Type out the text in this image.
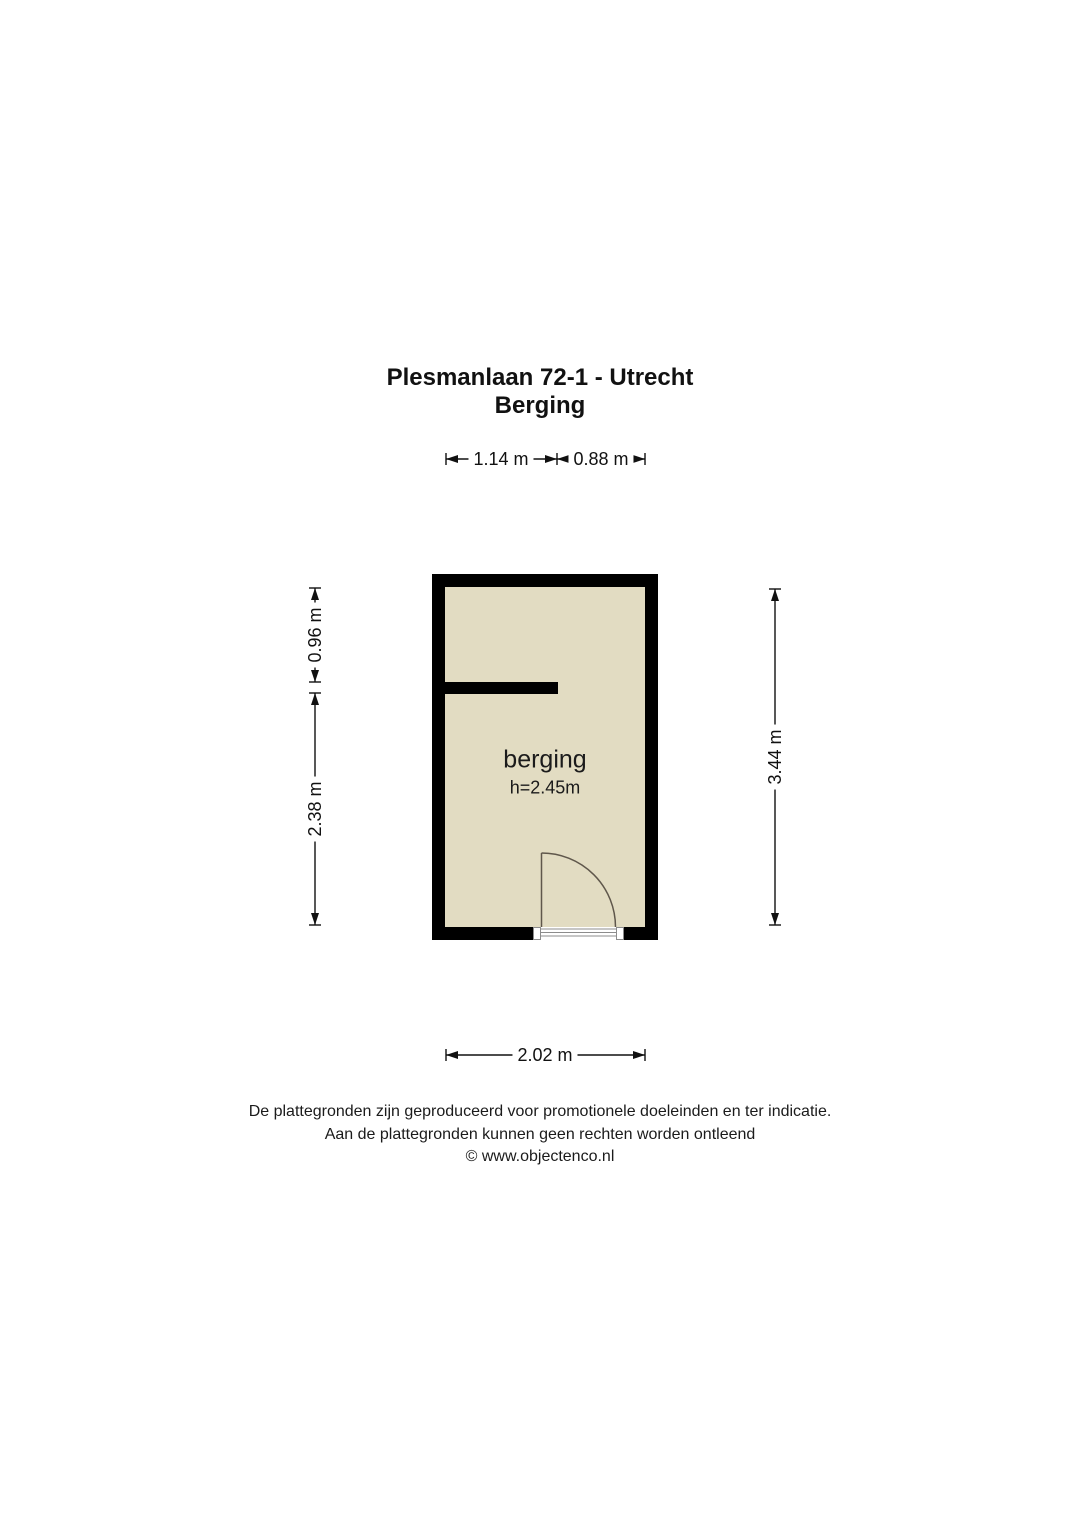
Plesmanlaan 72-1 - Utrecht
Berging
1.14 m 0.88 m
0.96 m
2.38 m
3.44 m
2.02 m
berging
h=2.45m
De plattegronden zijn geproduceerd voor promotionele doeleinden en ter indicatie.
Aan de plattegronden kunnen geen rechten worden ontleend
© www.objectenco.nl
